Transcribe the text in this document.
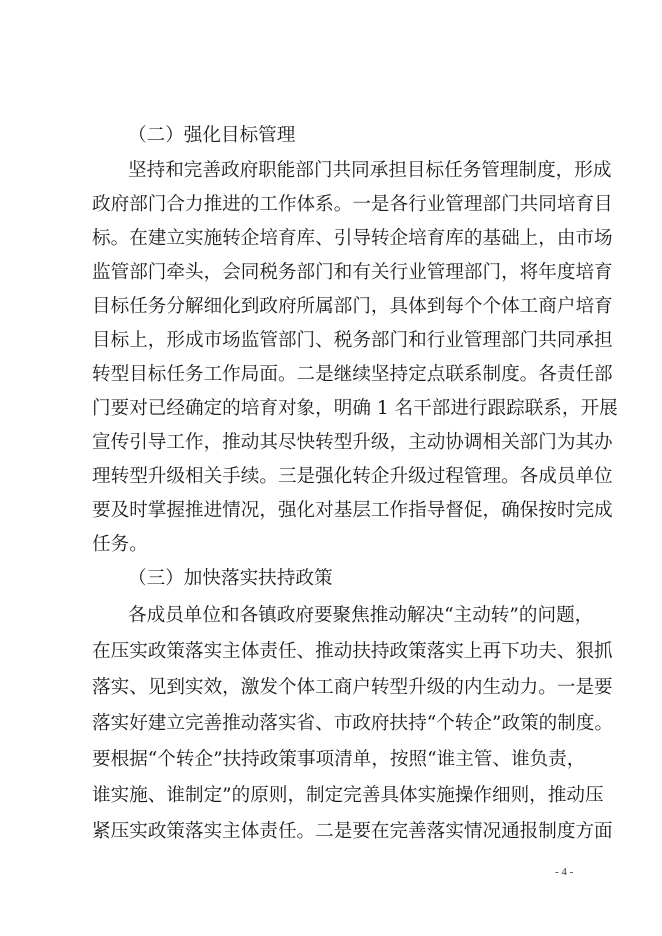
（二）强化目标管理
坚持和完善政府职能部门共同承担目标任务管理制度，形成
政府部门合力推进的工作体系。一是各行业管理部门共同培育目
标。在建立实施转企培育库、引导转企培育库的基础上，由市场
监管部门牵头，会同税务部门和有关行业管理部门，将年度培育
目标任务分解细化到政府所属部门，具体到每个个体工商户培育
目标上，形成市场监管部门、税务部门和行业管理部门共同承担
转型目标任务工作局面。二是继续坚持定点联系制度。各责任部
门要对已经确定的培育对象，明确 1 名干部进行跟踪联系，开展
宣传引导工作，推动其尽快转型升级，主动协调相关部门为其办
理转型升级相关手续。三是强化转企升级过程管理。各成员单位
要及时掌握推进情况，强化对基层工作指导督促，确保按时完成
任务。
（三）加快落实扶持政策
各成员单位和各镇政府要聚焦推动解决“主动转”的问题，
在压实政策落实主体责任、推动扶持政策落实上再下功夫、狠抓
落实、见到实效，激发个体工商户转型升级的内生动力。一是要
落实好建立完善推动落实省、市政府扶持“个转企”政策的制度。
要根据“个转企”扶持政策事项清单，按照“谁主管、谁负责，
谁实施、谁制定”的原则，制定完善具体实施操作细则，推动压
紧压实政策落实主体责任。二是要在完善落实情况通报制度方面
- 4 -
